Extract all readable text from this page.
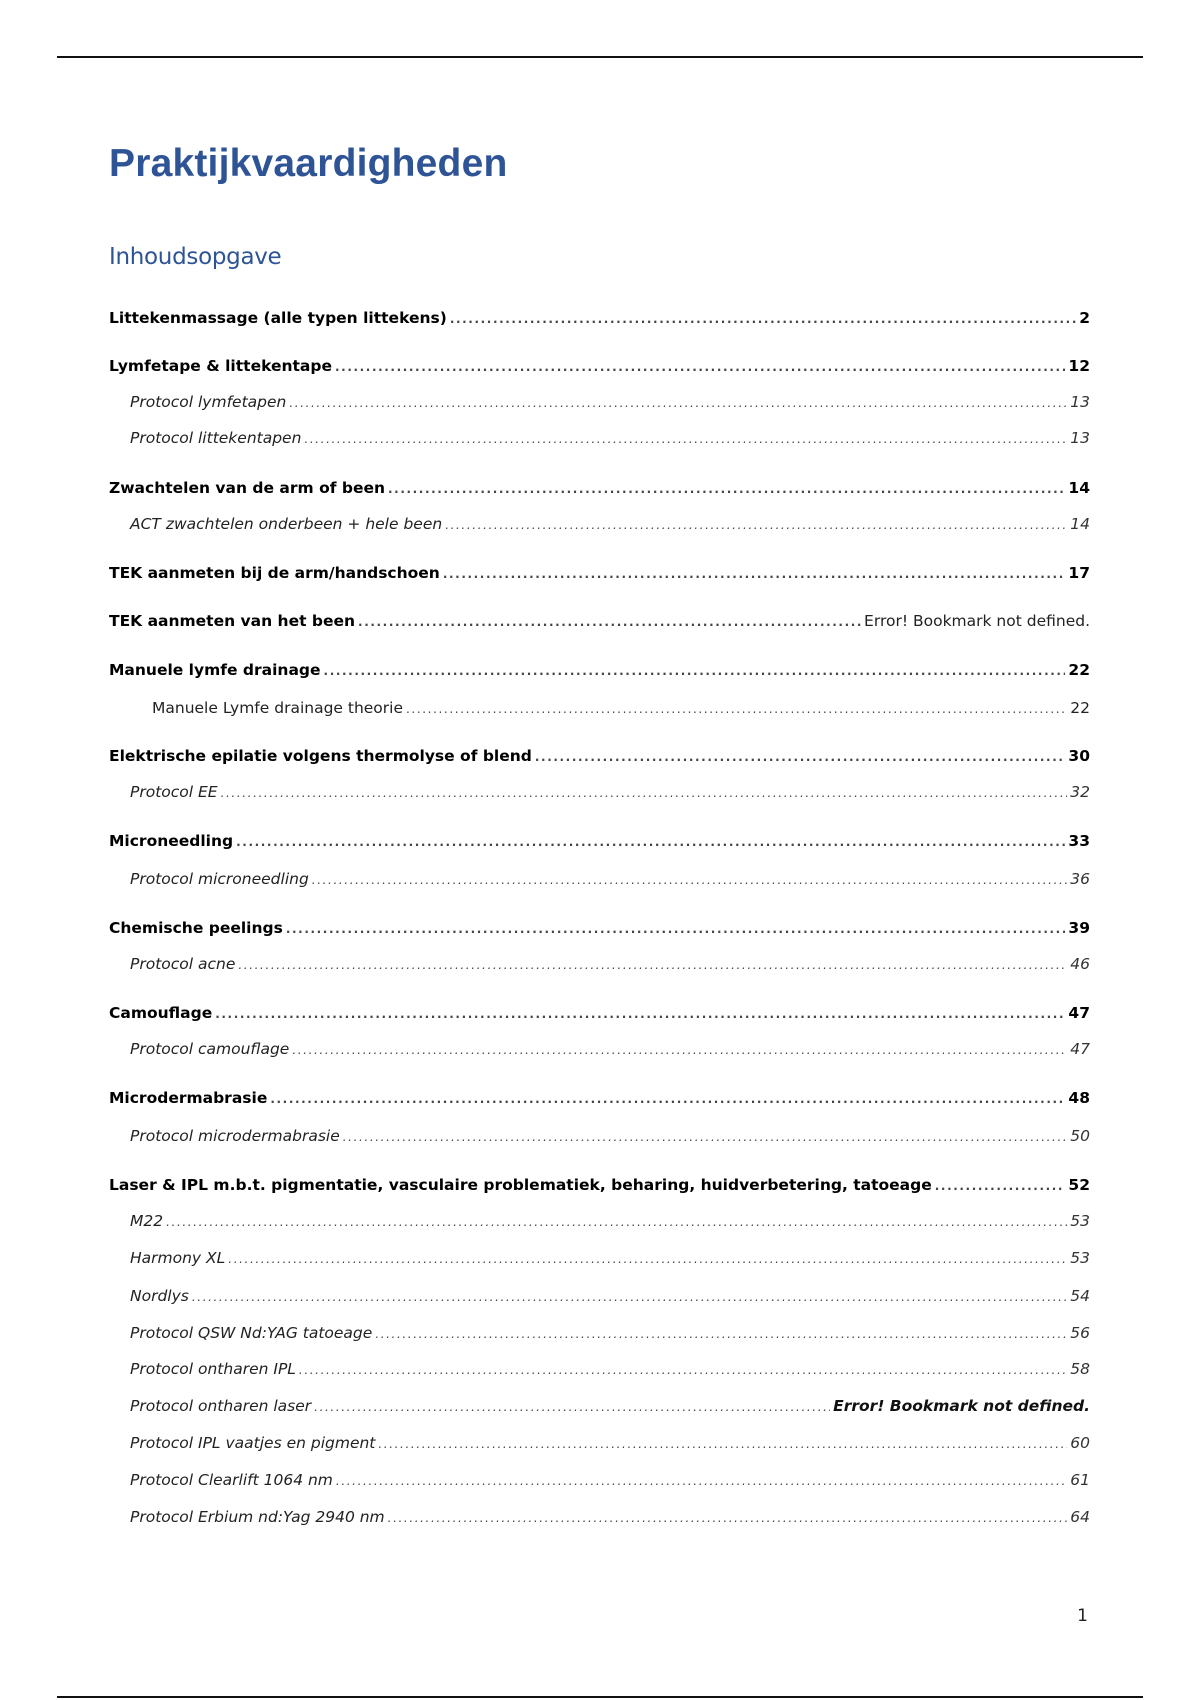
Praktijkvaardigheden
Inhoudsopgave
Littekenmassage (alle typen littekens) .....	2
Lymfetape & littekentape .....	12
Protocol lymfetapen .....	13
Protocol littekentapen .....	13
Zwachtelen van de arm of been .....	14
ACT zwachtelen onderbeen + hele been .....	14
TEK aanmeten bij de arm/handschoen .....	17
TEK aanmeten van het been .....	Error! Bookmark not defined.
Manuele lymfe drainage .....	22
Manuele Lymfe drainage theorie .....	22
Elektrische epilatie volgens thermolyse of blend .....	30
Protocol EE .....	32
Microneedling .....	33
Protocol microneedling .....	36
Chemische peelings .....	39
Protocol acne .....	46
Camouflage .....	47
Protocol camouflage .....	47
Microdermabrasie .....	48
Protocol microdermabrasie .....	50
Laser & IPL m.b.t. pigmentatie, vasculaire problematiek, beharing, huidverbetering, tatoeage .....	52
M22 .....	53
Harmony XL .....	53
Nordlys .....	54
Protocol QSW Nd:YAG tatoeage .....	56
Protocol ontharen IPL .....	58
Protocol ontharen laser .....	Error! Bookmark not defined.
Protocol IPL vaatjes en pigment .....	60
Protocol Clearlift 1064 nm .....	61
Protocol Erbium nd:Yag 2940 nm .....	64
1
